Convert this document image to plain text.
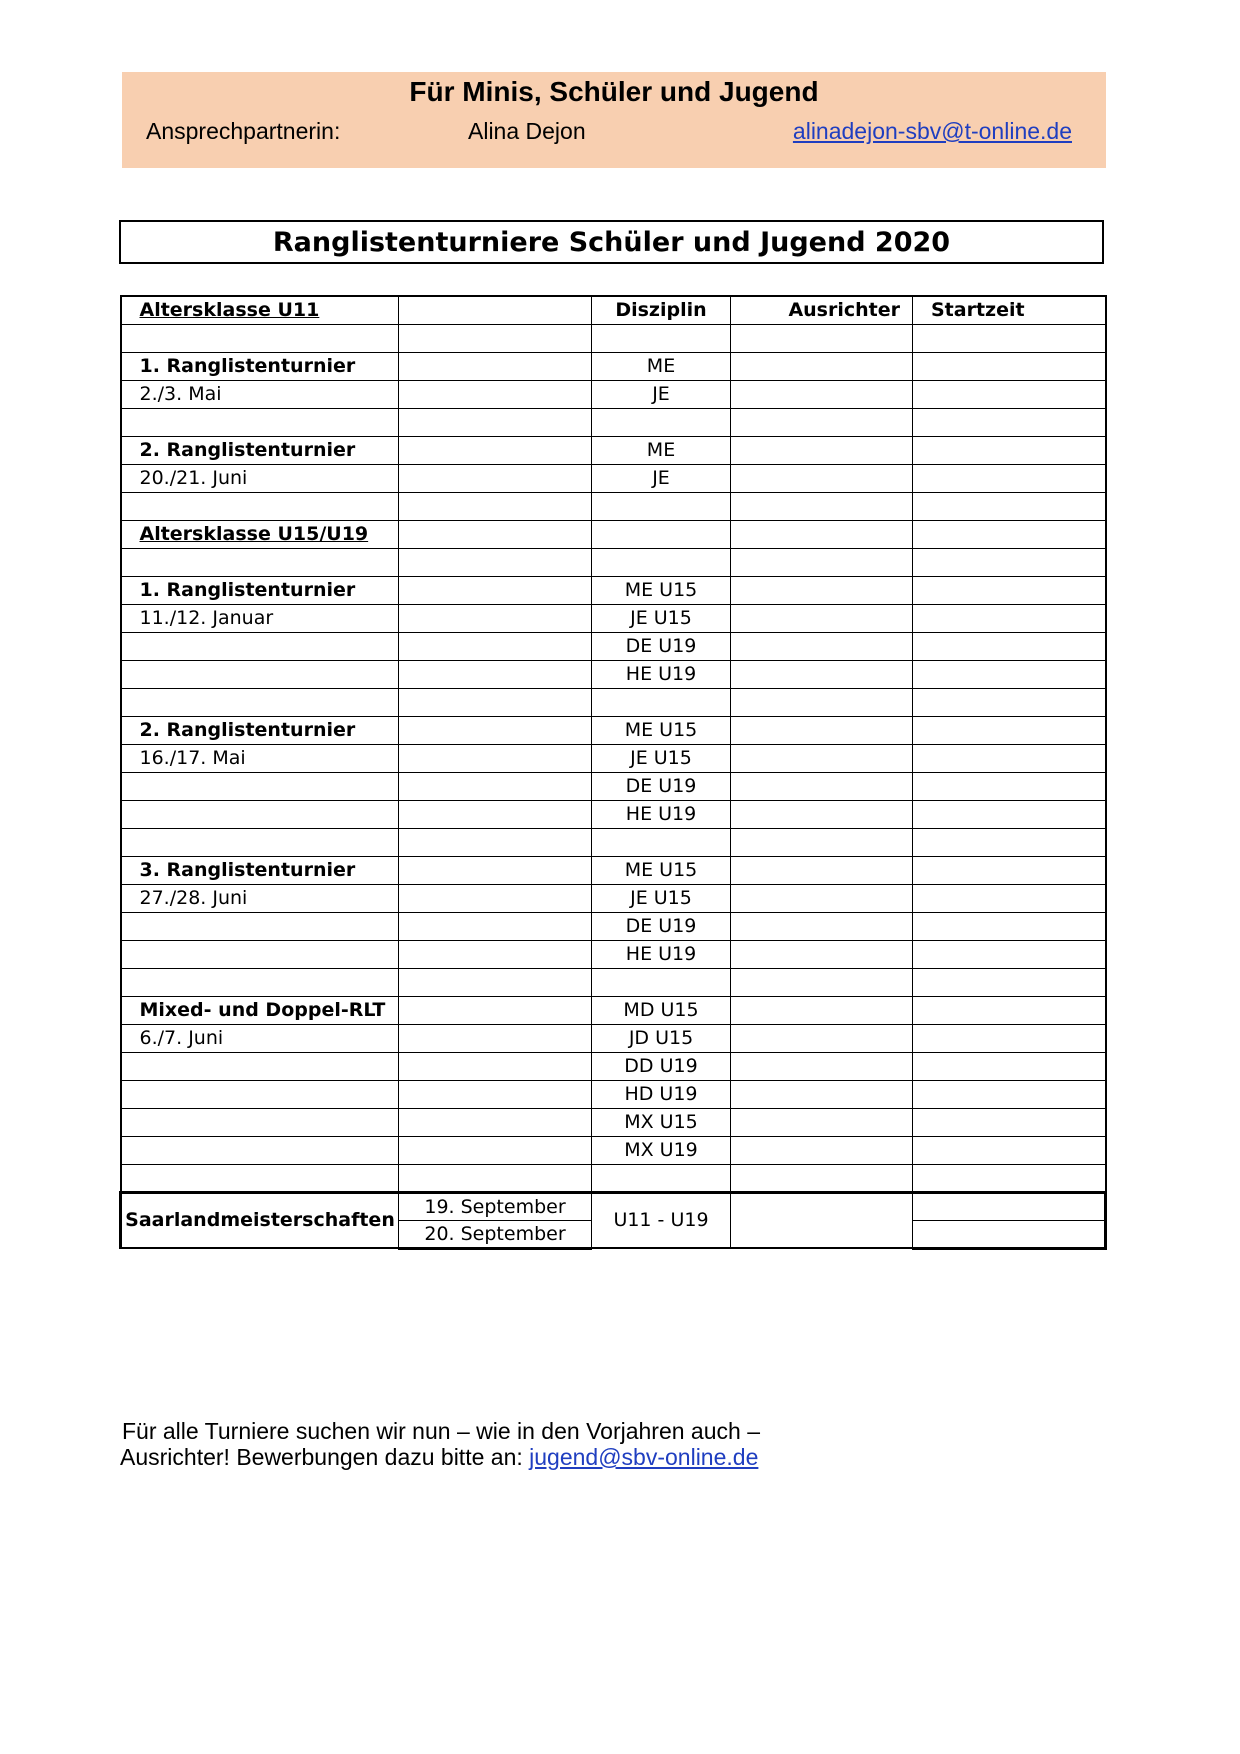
Für Minis, Schüler und Jugend
Ansprechpartnerin:	Alina Dejon	alinadejon-sbv@t-online.de
Ranglistenturniere Schüler und Jugend 2020
Altersklasse U11		Disziplin	Ausrichter	Startzeit

1. Ranglistenturnier		ME		
2./3. Mai		JE		

2. Ranglistenturnier		ME		
20./21. Juni		JE		

Altersklasse U15/U19				

1. Ranglistenturnier		ME U15		
11./12. Januar		JE U15		
		DE U19		
		HE U19		

2. Ranglistenturnier		ME U15		
16./17. Mai		JE U15		
		DE U19		
		HE U19		

3. Ranglistenturnier		ME U15		
27./28. Juni		JE U15		
		DE U19		
		HE U19		

Mixed- und Doppel-RLT		MD U15		
6./7. Juni		JD U15		
		DD U19		
		HD U19		
		MX U15		
		MX U19		

Saarlandmeisterschaften	19. September	U11 - U19		
	20. September			
Für alle Turniere suchen wir nun – wie in den Vorjahren auch –
Ausrichter! Bewerbungen dazu bitte an: jugend@sbv-online.de
